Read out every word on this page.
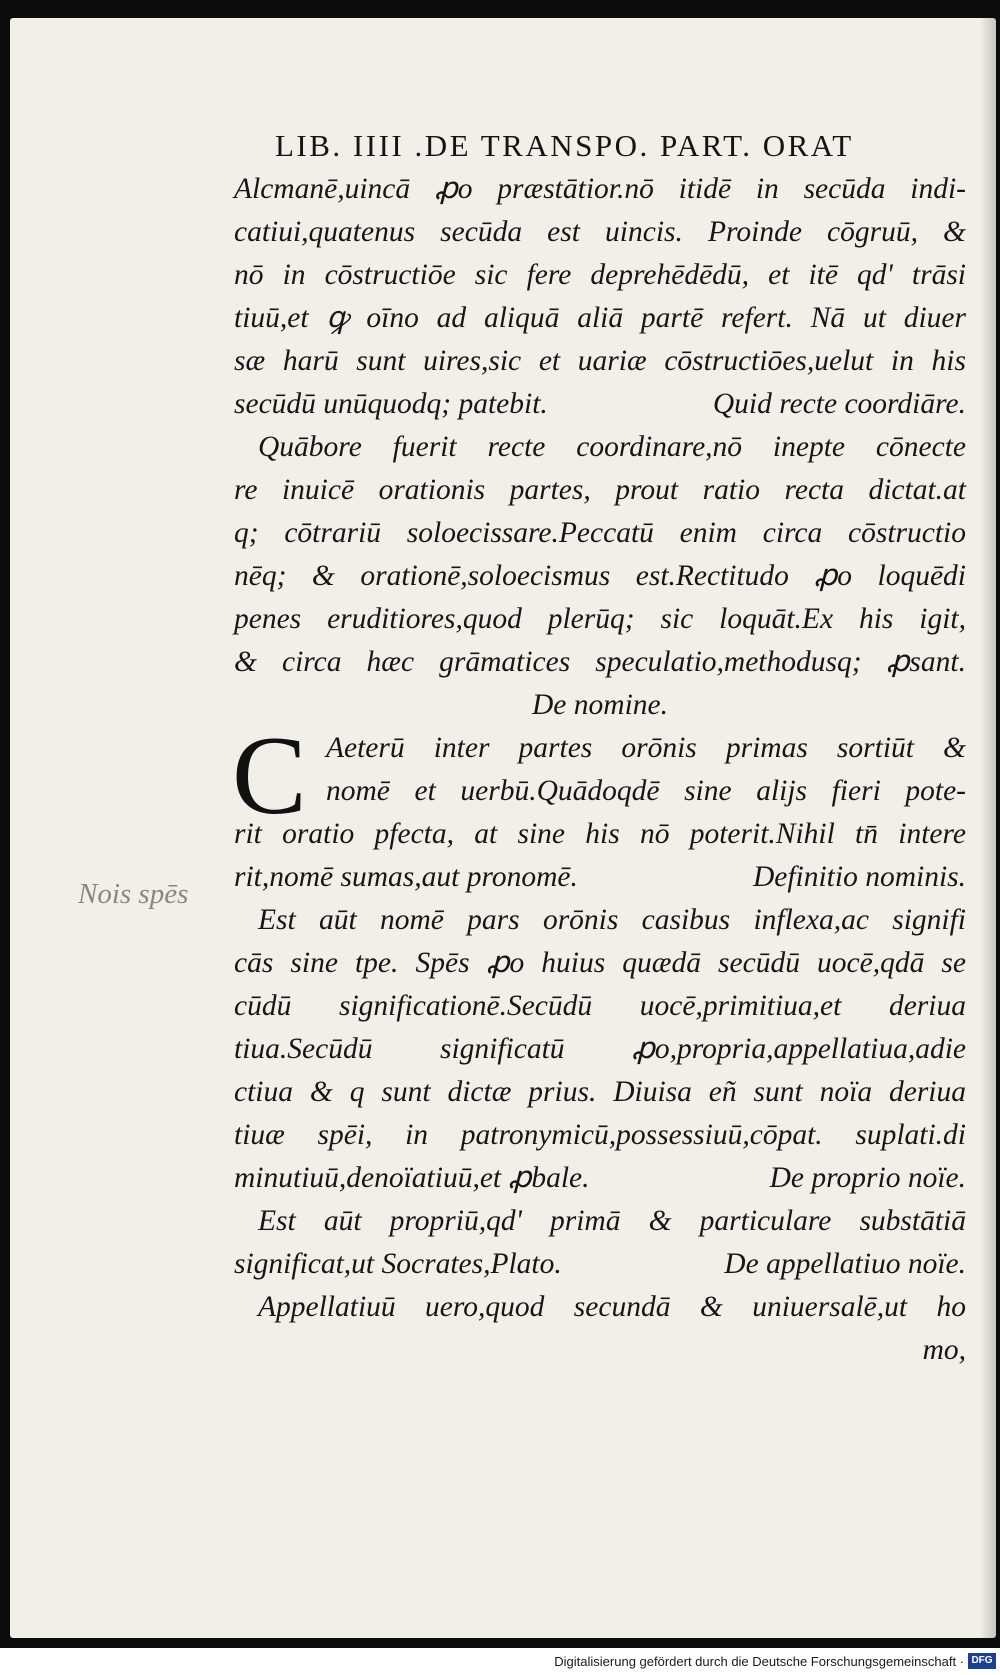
LIB. IIII .DE TRANSPO. PART. ORAT
Nois spēs
C
Alcmanē,uincā ꝓo præstātior.nō itidē in secūda indi-
catiui,quatenus secūda est uincis. Proinde cōgruū, &
nō in cōstructiōe sic fere deprehēdēdū, et itē qd' trāsi
tiuū,et ꝙ oīno ad aliquā aliā partē refert. Nā ut diuer
sæ harū sunt uires,sic et uariæ cōstructiōes,uelut in his
secūdū unūquodq; patebit.	Quid recte coordiāre.
Quābore fuerit recte coordinare,nō inepte cōnecte
re inuicē orationis partes, prout ratio recta dictat.at
q; cōtrariū soloecissare.Peccatū enim circa cōstructio
nēq; & orationē,soloecismus est.Rectitudo ꝓo loquēdi
penes eruditiores,quod plerūq; sic loquāt.Ex his igit,
& circa hæc grāmatices speculatio,methodusq; ꝓsant.
De nomine.
Aeterū inter partes orōnis primas sortiūt &
nomē et uerbū.Quādoqdē sine alijs fieri pote-
rit oratio pfecta, at sine his nō poterit.Nihil tn̄ intere
rit,nomē sumas,aut pronomē.	Definitio nominis.
Est aūt nomē pars orōnis casibus inflexa,ac signifi
cās sine tpe. Spēs ꝓo huius quædā secūdū uocē,qdā se
cūdū significationē.Secūdū uocē,primitiua,et deriua
tiua.Secūdū significatū ꝓo,propria,appellatiua,adie
ctiua & q sunt dictæ prius. Diuisa eñ sunt noïa deriua
tiuæ spēi, in patronymicū,possessiuū,cōpat. suplati.di
minutiuū,denoïatiuū,et ꝓbale.	De proprio noïe.
Est aūt propriū,qd' primā & particulare substātiā
significat,ut Socrates,Plato.	De appellatiuo noïe.
Appellatiuū uero,quod secundā & uniuersalē,ut ho
mo,
Digitalisierung gefördert durch die Deutsche Forschungsgemeinschaft · DFG
